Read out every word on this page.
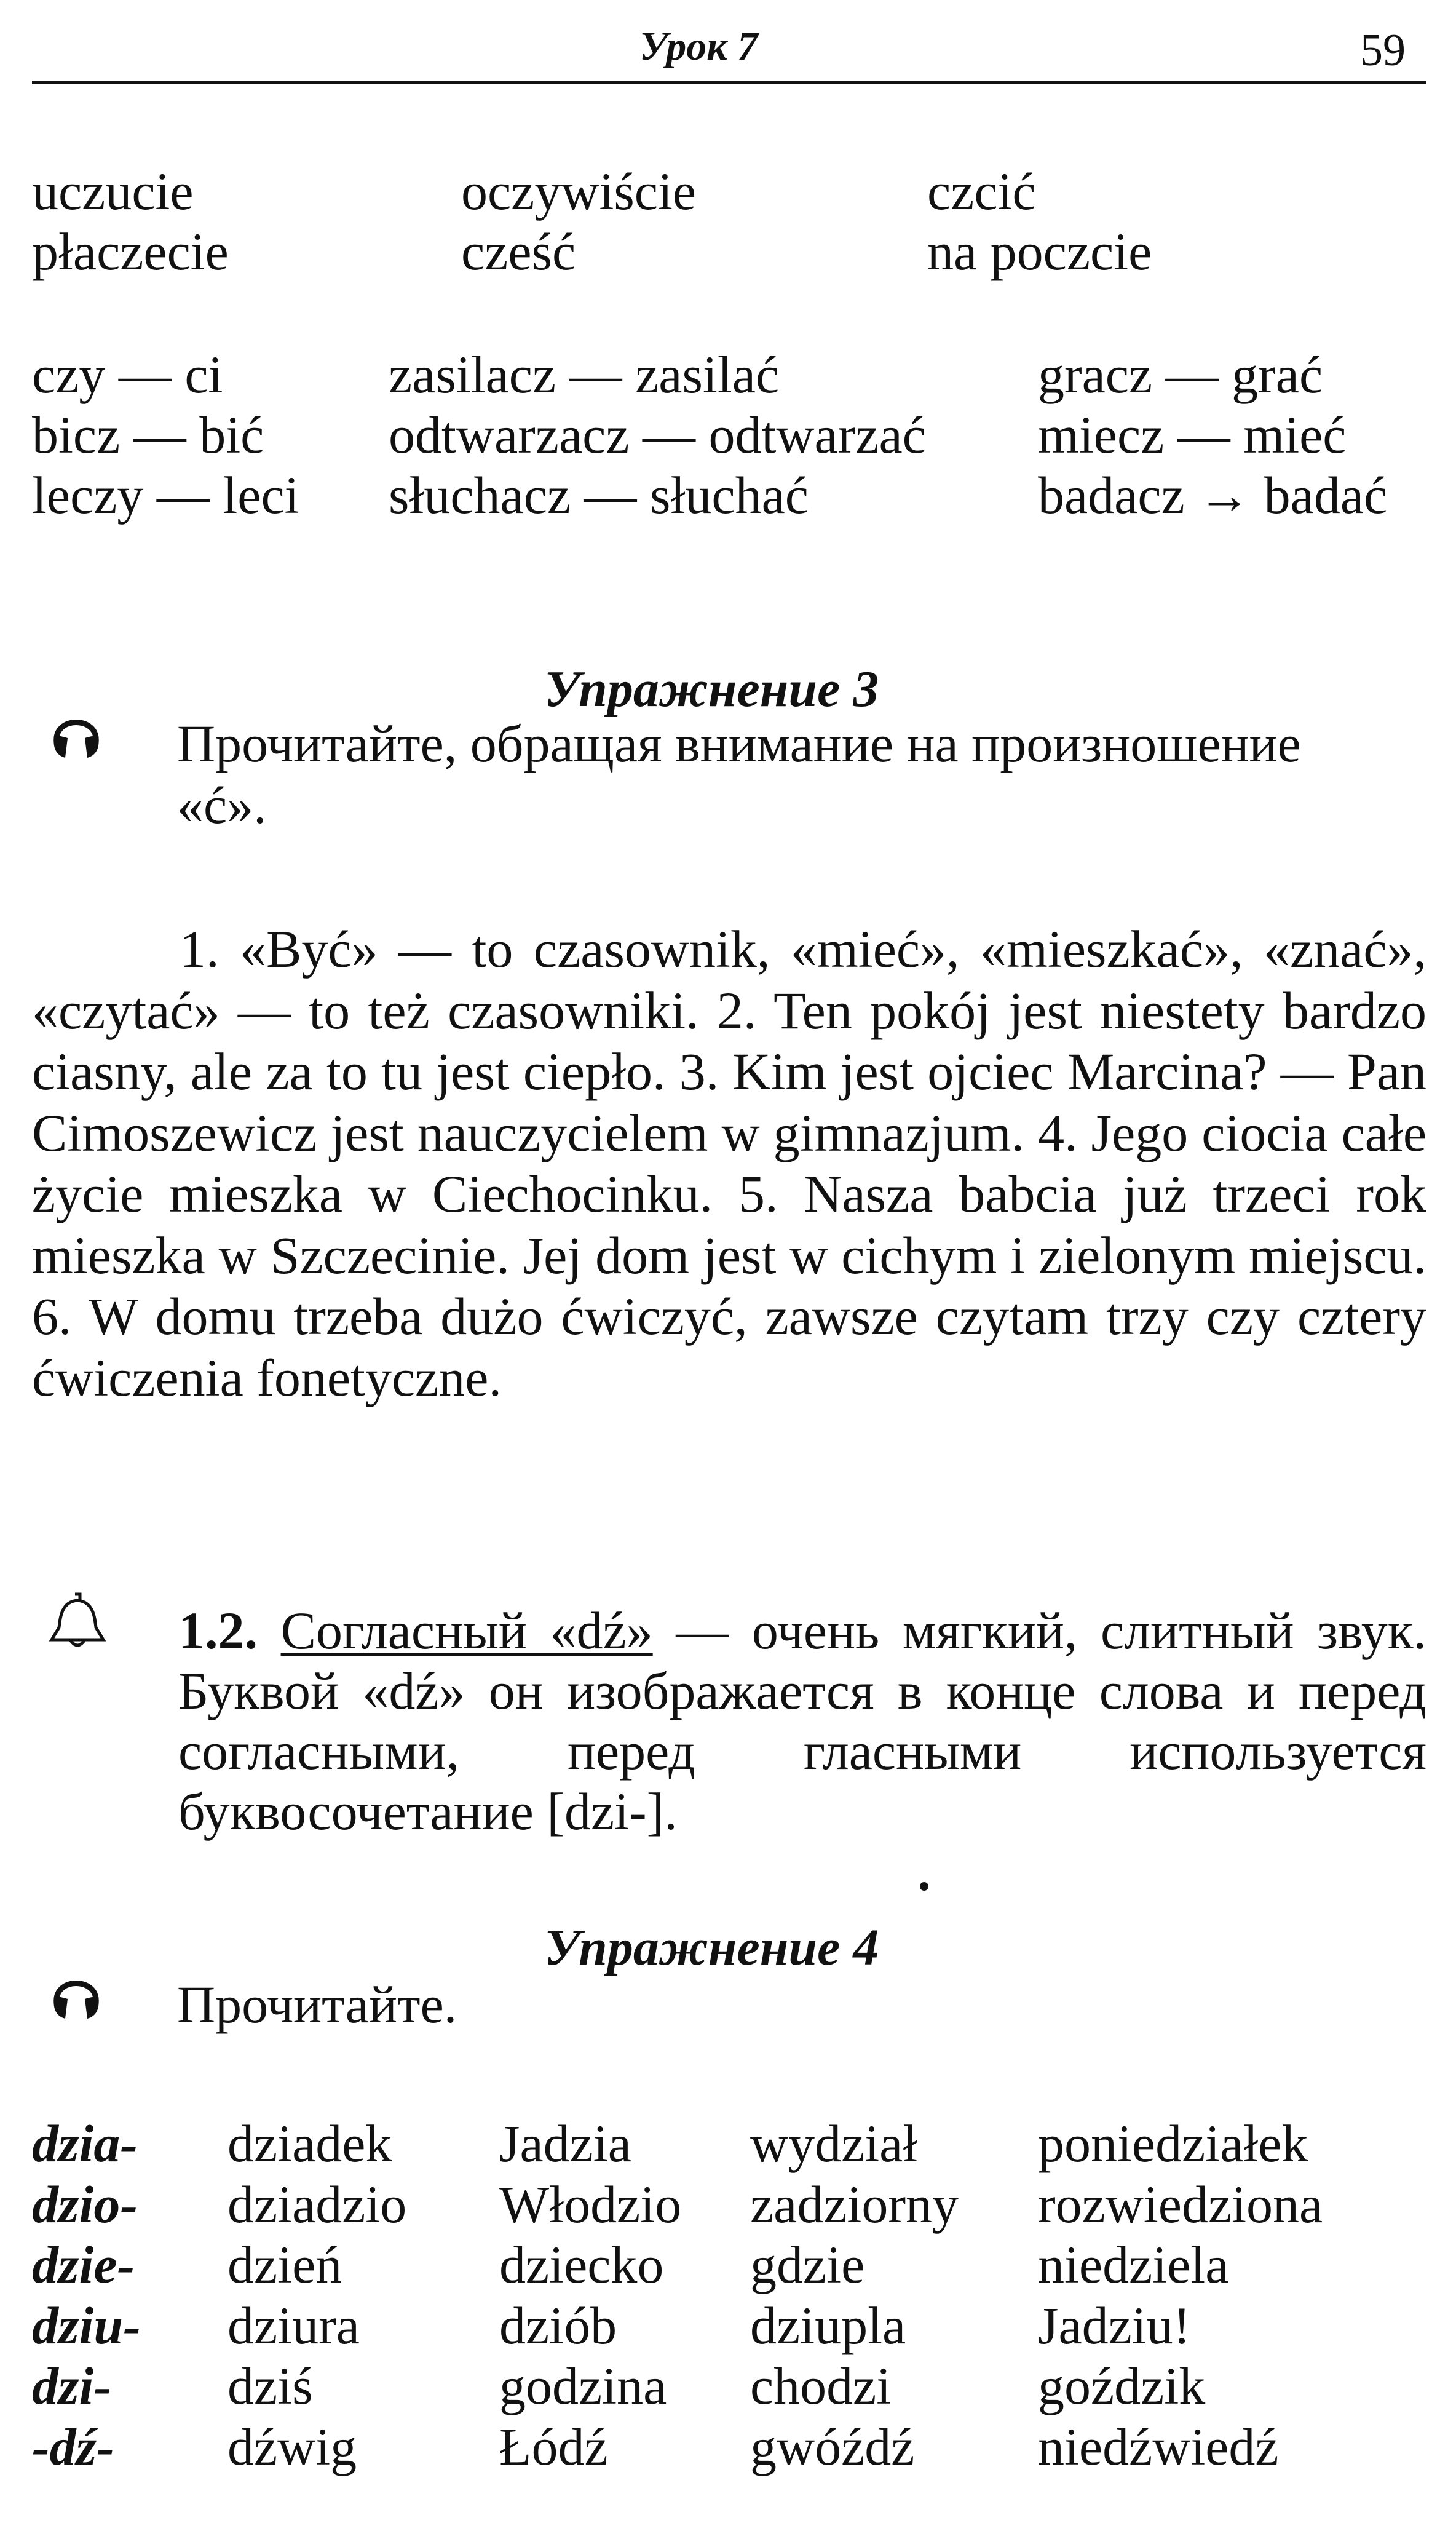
Урок 7	59
uczucie
płaczecie
oczywiście
cześć
czcić
na poczcie
czy — ci
bicz — bić
leczy — leci
zasilacz — zasilać
odtwarzacz — odtwarzać
słuchacz — słuchać
gracz — grać
miecz — mieć
badacz → badać
Упражнение 3
Прочитайте, обращая внимание на произношение
«ć».
1. «Być» — to czasownik, «mieć», «mieszkać», «znać», «czytać» — to też czasowniki. 2. Ten pokój jest niestety bardzo ciasny, ale za to tu jest ciepło. 3. Kim jest ojciec Marcina? — Pan Cimoszewicz jest nauczycielem w gimnazjum. 4. Jego ciocia całe życie mieszka w Ciechocinku. 5. Nasza babcia już trzeci rok mieszka w Szczecinie. Jej dom jest w cichym i zielonym miejscu. 6. W domu trzeba dużo ćwiczyć, zawsze czytam trzy czy cztery ćwiczenia fonetyczne.
1.2. Согласный «dź» — очень мягкий, слитный звук. Буквой «dź» он изображается в конце слова и перед согласными, перед гласными используется буквосочетание [dzi-].
Упражнение 4
Прочитайте.
dzia-
dzio-
dzie-
dziu-
dzi-
-dź-
dziadek
dziadzio
dzień
dziura
dziś
dźwig
Jadzia
Włodzio
dziecko
dziób
godzina
Łódź
wydział
zadziorny
gdzie
dziupla
chodzi
gwóźdź
poniedziałek
rozwiedziona
niedziela
Jadziu!
goździk
niedźwiedź
